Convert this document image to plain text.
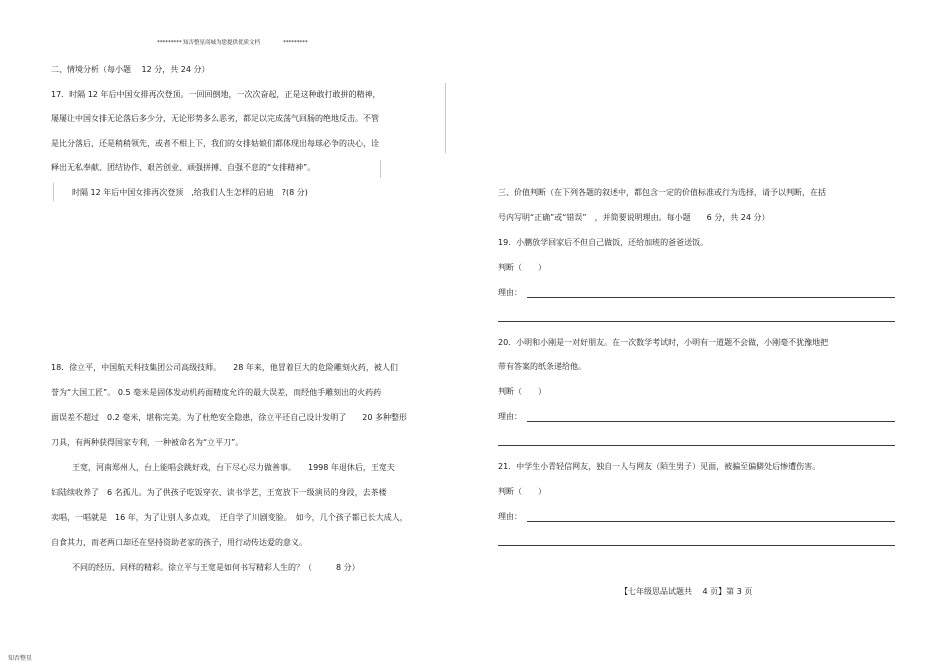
********* 知否整星商城为您提供优质文档	*********
二、情境分析（每小题　 12 分，共 24 分）
17．时隔 12 年后中国女排再次登顶。一回回倒地，一次次奋起，正是这种敢打敢拼的精神，
屡屡让中国女排无论落后多少分，无论形势多么恶劣，都足以完成荡气回肠的绝地反击。不管
是比分落后，还是稍稍领先，或者不相上下，我们的女排姑娘们都体现出每球必争的决心，诠
释出无私奉献、团结协作、艰苦创业、顽强拼搏、自强不息的“女排精神”。
时隔 12 年后中国女排再次登顶　,给我们人生怎样的启迪　?(8 分)
18．徐立平，中国航天科技集团公司高级技师。　　28 年来，他冒着巨大的危险雕刻火药，被人们
誉为“大国工匠”。 0.5 毫米是固体发动机药面精度允许的最大误差，而经他手雕刻出的火药药
面误差不超过　0.2 毫米，堪称完美。为了杜绝安全隐患，徐立平还自己设计发明了　　20 多种整形
刀具，有两种获得国家专利，一种被命名为“立平刀”。
王宽，河南郑州人，台上能唱会跳好戏，台下尽心尽力做善事。　　1998 年退休后，王宽夫
妇陆续收养了　6 名孤儿。为了供孩子吃饭穿衣、读书学艺，王宽放下一级演员的身段，去茶楼
卖唱，一唱就是　16 年，为了让别人多点戏，　迁自学了川剧变脸。　如今，几个孩子都已长大成人，
自食其力，而老两口却还在坚持资助老家的孩子，用行动传达爱的意义。
不同的经历、同样的精彩。徐立平与王宽是如何书写精彩人生的？（　　　8 分）
三、价值判断（在下列各题的叙述中，都包含一定的价值标准或行为选择，请予以判断，在括
号内写明“正确”或“错误”　，并简要说明理由。每小题　　6 分，共 24 分）
19．小鹏放学回家后不但自己做饭，还给加班的爸爸送饭。
判断（　　）
理由：
20．小明和小刚是一对好朋友。在一次数学考试时，小明有一道题不会做，小刚毫不犹豫地把
带有答案的纸条递给他。
判断（　　）
理由：
21．中学生小青轻信网友，独自一人与网友（陌生男子）见面，被骗至偏僻处后惨遭伤害。
判断（　　）
理由：
【七年级思品试题共　 4 页】第 3 页
知否整星
